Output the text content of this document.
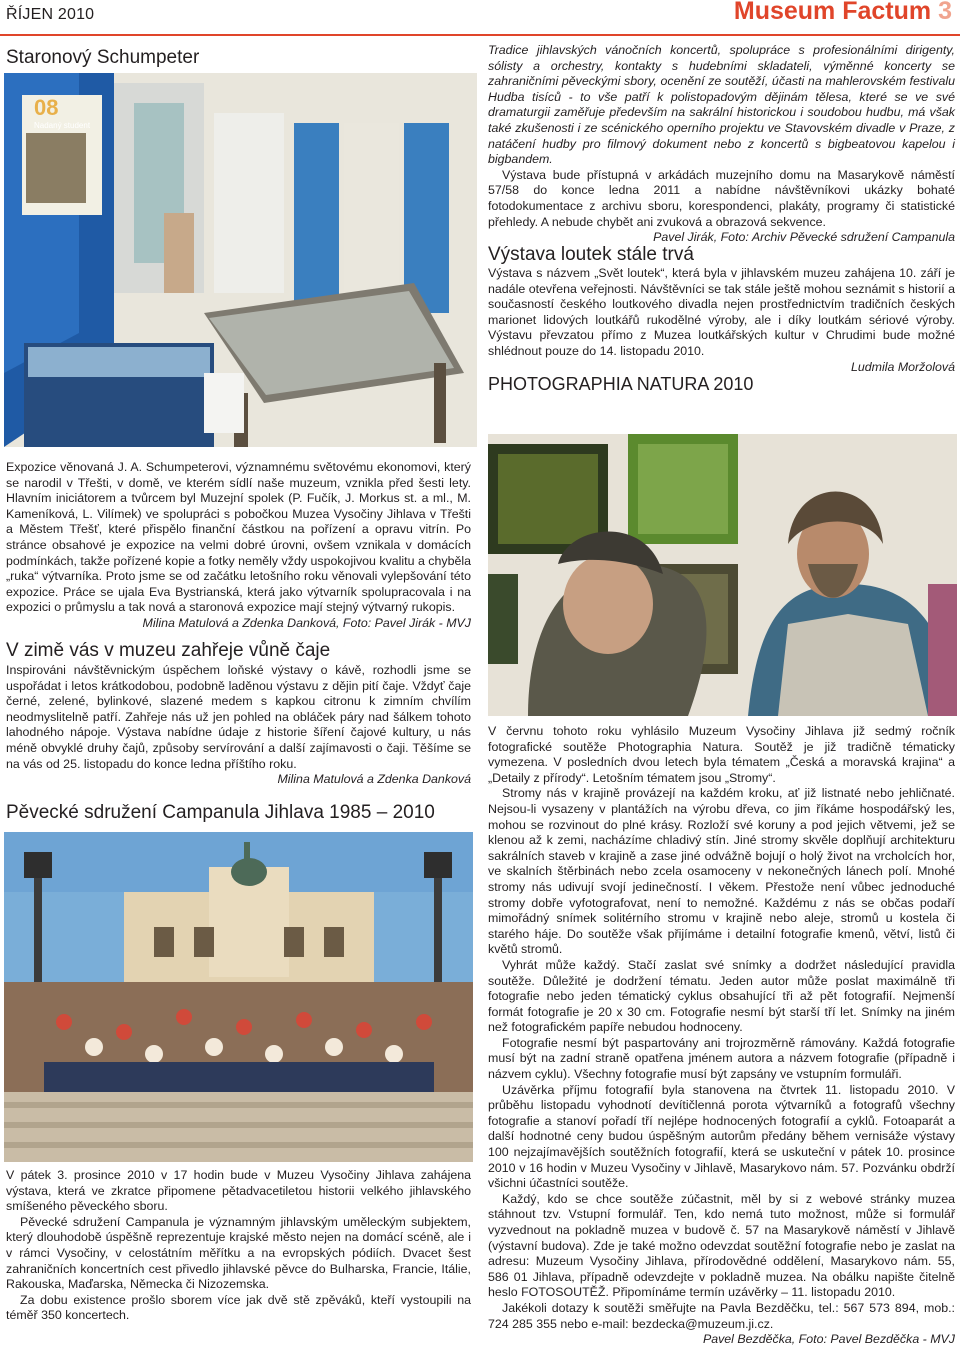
ŘÍJEN 2010	Museum Factum 3
Staronový Schumpeter
08
Nadaný student

Expozice věnovaná J. A. Schumpeterovi, významnému světovému ekonomovi, který se narodil v Třešti, v domě, ve kterém sídlí naše muzeum, vznikla před šesti lety. Hlavním iniciátorem a tvůrcem byl Muzejní spolek (P. Fučík, J. Morkus st. a ml., M. Kameníková, L. Vilímek) ve spolupráci s pobočkou Muzea Vysočiny Jihlava v Třešti a Městem Třešť, které přispělo finanční částkou na pořízení a opravu vitrín. Po stránce obsahové je expozice na velmi dobré úrovni, ovšem vznikala v domácích podmínkách, takže pořízené kopie a fotky neměly vždy uspokojivou kvalitu a chyběla „ruka“ výtvarníka. Proto jsme se od začátku letošního roku věnovali vylepšování této expozice. Práce se ujala Eva Bystrianská, která jako výtvarník spolupracovala i na expozici o průmyslu a tak nová a staronová expozice mají stejný výtvarný rukopis.

Milina Matulová a Zdenka Danková, Foto: Pavel Jirák - MVJ
V zimě vás v muzeu zahřeje vůně čaje

Inspirováni návštěvnickým úspěchem loňské výstavy o kávě, rozhodli jsme se uspořádat i letos krátkodobou, podobně laděnou výstavu z dějin pití čaje. Vždyť čaje černé, zelené, bylinkové, slazené medem s kapkou citronu k zimním chvílím neodmyslitelně patří. Zahřeje nás už jen pohled na obláček páry nad šálkem tohoto lahodného nápoje. Výstava nabídne údaje z historie šíření čajové kultury, u nás méně obvyklé druhy čajů, způsoby servírování a další zajímavosti o čaji. Těšíme se na vás od 25. listopadu do konce ledna příštího roku.

Milina Matulová a Zdenka Danková
Pěvecké sdružení Campanula Jihlava 1985 – 2010

V pátek 3. prosince 2010 v 17 hodin bude v Muzeu Vysočiny Jihlava zahájena výstava, která ve zkratce připomene pětadvacetiletou historii velkého jihlavského smíšeného pěveckého sboru.

Pěvecké sdružení Campanula je významným jihlavským uměleckým subjektem, který dlouhodobě úspěšně reprezentuje krajské město nejen na domácí scéně, ale i v rámci Vysočiny, v celostátním měřítku a na evropských pódiích. Dvacet šest zahraničních koncertních cest přivedlo jihlavské pěvce do Bulharska, Francie, Itálie, Rakouska, Maďarska, Německa či Nizozemska.

Za dobu existence prošlo sborem více jak dvě stě zpěváků, kteří vystoupili na téměř 350 koncertech.

Tradice jihlavských vánočních koncertů, spolupráce s profesionálními dirigenty, sólisty a orchestry, kontakty s hudebními skladateli, výměnné koncerty se zahraničními pěveckými sbory, ocenění ze soutěží, účasti na mahlerovském festivalu Hudba tisíců - to vše patří k polistopadovým dějinám tělesa, které se ve své dramaturgii zaměřuje především na sakrální historickou i soudobou hudbu, má však také zkušenosti i ze scénického operního projektu ve Stavovském divadle v Praze, z natáčení hudby pro filmový dokument nebo z koncertů s bigbeatovou kapelou i bigbandem.

Výstava bude přístupná v arkádách muzejního domu na Masarykově náměstí 57/58 do konce ledna 2011 a nabídne návštěvníkovi ukázky bohaté fotodokumentace z archivu sboru, korespondenci, plakáty, programy či statistické přehledy. A nebude chybět ani zvuková a obrazová sekvence.

Pavel Jirák, Foto: Archiv Pěvecké sdružení Campanula
Výstava loutek stále trvá

Výstava s názvem „Svět loutek“, která byla v jihlavském muzeu zahájena 10. září je nadále otevřena veřejnosti. Návštěvníci se tak stále ještě mohou seznámit s historií a současností českého loutkového divadla nejen prostřednictvím tradičních českých marionet lidových loutkářů rukodělné výroby, ale i díky loutkám sériové výroby. Výstavu převzatou přímo z Muzea loutkářských kultur v Chrudimi bude možné shlédnout pouze do 14. listopadu 2010.

Ludmila Moržolová
PHOTOGRAPHIA NATURA 2010

V červnu tohoto roku vyhlásilo Muzeum Vysočiny Jihlava již sedmý ročník fotografické soutěže Photographia Natura. Soutěž je již tradičně tématicky vymezena. V posledních dvou letech byla tématem „Česká a moravská krajina“ a „Detaily z přírody“. Letošním tématem jsou „Stromy“.

Stromy nás v krajině provázejí na každém kroku, ať již listnaté nebo jehličnaté. Nejsou-li vysazeny v plantážích na výrobu dřeva, co jim říkáme hospodářský les, mohou se rozvinout do plné krásy. Rozloží své koruny a pod jejich větvemi, jež se klenou až k zemi, nacházíme chladivý stín. Jiné stromy skvěle doplňují architekturu sakrálních staveb v krajině a zase jiné odvážně bojují o holý život na vrcholcích hor, ve skalních štěrbinách nebo zcela osamoceny v nekonečných lánech polí. Mnohé stromy nás udivují svojí jedinečností. I věkem. Přestože není vůbec jednoduché stromy dobře vyfotografovat, není to nemožné. Každému z nás se občas podaří mimořádný snímek solitérního stromu v krajině nebo aleje, stromů u kostela či starého háje. Do soutěže však přijímáme i detailní fotografie kmenů, větví, listů či květů stromů.

Vyhrát může každý. Stačí zaslat své snímky a dodržet následující pravidla soutěže. Důležité je dodržení tématu. Jeden autor může poslat maximálně tři fotografie nebo jeden tématický cyklus obsahující tři až pět fotografií. Nejmenší formát fotografie je 20 x 30 cm. Fotografie nesmí být starší tří let. Snímky na jiném než fotografickém papíře nebudou hodnoceny.

Fotografie nesmí být paspartovány ani trojrozměrně rámovány. Každá fotografie musí být na zadní straně opatřena jménem autora a názvem fotografie (případně i názvem cyklu). Všechny fotografie musí být zapsány ve vstupním formuláři.

Uzávěrka příjmu fotografií byla stanovena na čtvrtek 11. listopadu 2010. V průběhu listopadu vyhodnotí devítičlenná porota výtvarníků a fotografů všechny fotografie a stanoví pořadí tří nejlépe hodnocených fotografií a cyklů. Fotoaparát a další hodnotné ceny budou úspěšným autorům předány během vernisáže výstavy 100 nejzajímavějších soutěžních fotografií, která se uskuteční v pátek 10. prosince 2010 v 16 hodin v Muzeu Vysočiny v Jihlavě, Masarykovo nám. 57. Pozvánku obdrží všichni účastníci soutěže.

Každý, kdo se chce soutěže zúčastnit, měl by si z webové stránky muzea stáhnout tzv. Vstupní formulář. Ten, kdo nemá tuto možnost, může si formulář vyzvednout na pokladně muzea v budově č. 57 na Masarykově náměstí v Jihlavě (výstavní budova). Zde je také možno odevzdat soutěžní fotografie nebo je zaslat na adresu: Muzeum Vysočiny Jihlava, přírodovědné oddělení, Masarykovo nám. 55, 586 01 Jihlava, případně odevzdejte v pokladně muzea. Na obálku napište čitelně heslo FOTOSOUTĚŽ. Připomínáme termín uzávěrky – 11. listopadu 2010.

Jakékoli dotazy k soutěži směřujte na Pavla Bezděčku, tel.: 567 573 894, mob.: 724 285 355 nebo e-mail: bezdecka@muzeum.ji.cz.

Pavel Bezděčka, Foto: Pavel Bezděčka - MVJ
